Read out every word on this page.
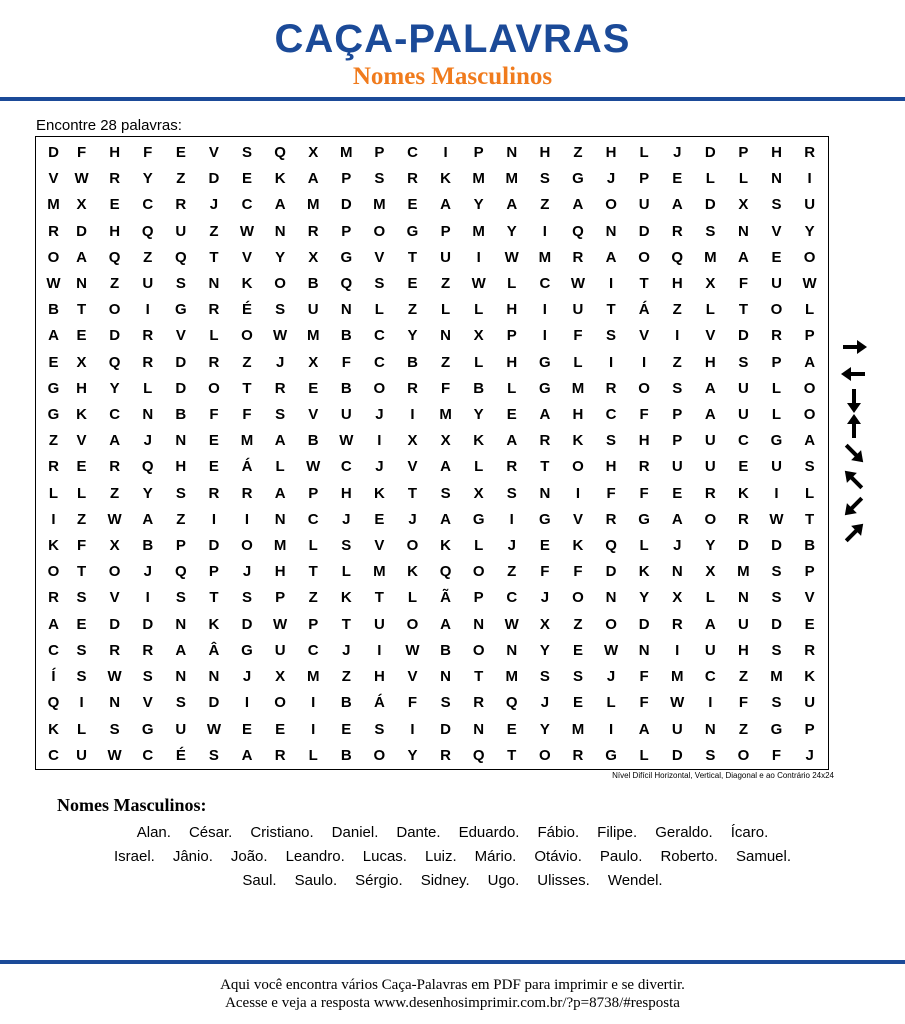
CAÇA-PALAVRAS
Nomes Masculinos
Encontre 28 palavras:
D	F	H	F	E	V	S	Q	X	M	P	C	I	P	N	H	Z	H	L	J	D	P	H	R
V	W	R	Y	Z	D	E	K	A	P	S	R	K	M	M	S	G	J	P	E	L	L	N	I
M	X	E	C	R	J	C	A	M	D	M	E	A	Y	A	Z	A	O	U	A	D	X	S	U
R	D	H	Q	U	Z	W	N	R	P	O	G	P	M	Y	I	Q	N	D	R	S	N	V	Y
O	A	Q	Z	Q	T	V	Y	X	G	V	T	U	I	W	M	R	A	O	Q	M	A	E	O
W	N	Z	U	S	N	K	O	B	Q	S	E	Z	W	L	C	W	I	T	H	X	F	U	W
B	T	O	I	G	R	É	S	U	N	L	Z	L	L	H	I	U	T	Á	Z	L	T	O	L
A	E	D	R	V	L	O	W	M	B	C	Y	N	X	P	I	F	S	V	I	V	D	R	P
E	X	Q	R	D	R	Z	J	X	F	C	B	Z	L	H	G	L	I	I	Z	H	S	P	A
G	H	Y	L	D	O	T	R	E	B	O	R	F	B	L	G	M	R	O	S	A	U	L	O
G	K	C	N	B	F	F	S	V	U	J	I	M	Y	E	A	H	C	F	P	A	U	L	O
Z	V	A	J	N	E	M	A	B	W	I	X	X	K	A	R	K	S	H	P	U	C	G	A
R	E	R	Q	H	E	Á	L	W	C	J	V	A	L	R	T	O	H	R	U	U	E	U	S
L	L	Z	Y	S	R	R	A	P	H	K	T	S	X	S	N	I	F	F	E	R	K	I	L
I	Z	W	A	Z	I	I	N	C	J	E	J	A	G	I	G	V	R	G	A	O	R	W	T
K	F	X	B	P	D	O	M	L	S	V	O	K	L	J	E	K	Q	L	J	Y	D	D	B
O	T	O	J	Q	P	J	H	T	L	M	K	Q	O	Z	F	F	D	K	N	X	M	S	P
R	S	V	I	S	T	S	P	Z	K	T	L	Ã	P	C	J	O	N	Y	X	L	N	S	V
A	E	D	D	N	K	D	W	P	T	U	O	A	N	W	X	Z	O	D	R	A	U	D	E
C	S	R	R	A	Â	G	U	C	J	I	W	B	O	N	Y	E	W	N	I	U	H	S	R
Í	S	W	S	N	N	J	X	M	Z	H	V	N	T	M	S	S	J	F	M	C	Z	M	K
Q	I	N	V	S	D	I	O	I	B	Á	F	S	R	Q	J	E	L	F	W	I	F	S	U
K	L	S	G	U	W	E	E	I	E	S	I	D	N	E	Y	M	I	A	U	N	Z	G	P
C	U	W	C	É	S	A	R	L	B	O	Y	R	Q	T	O	R	G	L	D	S	O	F	J
Nível Difícil Horizontal, Vertical, Diagonal e ao Contrário 24x24
Nomes Masculinos:
Alan. César. Cristiano. Daniel. Dante. Eduardo. Fábio. Filipe. Geraldo. Ícaro.
Israel. Jânio. João. Leandro. Lucas. Luiz. Mário. Otávio. Paulo. Roberto. Samuel.
Saul. Saulo. Sérgio. Sidney. Ugo. Ulisses. Wendel.
Aqui você encontra vários Caça-Palavras em PDF para imprimir e se divertir.
Acesse e veja a resposta www.desenhosimprimir.com.br/?p=8738/#resposta
